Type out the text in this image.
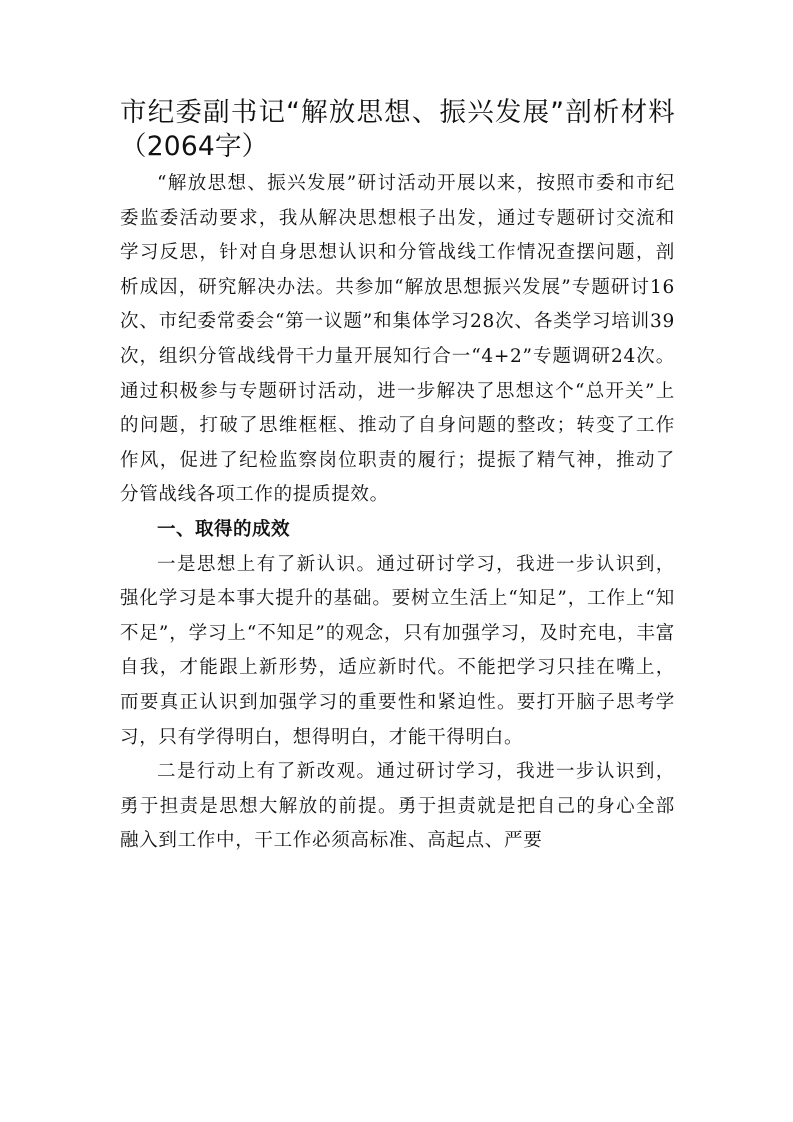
市纪委副书记“解放思想、振兴发展”剖析材料（2064字）

“解放思想、振兴发展”研讨活动开展以来，按照市委和市纪委监委活动要求，我从解决思想根子出发，通过专题研讨交流和学习反思，针对自身思想认识和分管战线工作情况查摆问题，剖析成因，研究解决办法。共参加“解放思想振兴发展”专题研讨16次、市纪委常委会“第一议题”和集体学习28次、各类学习培训39次，组织分管战线骨干力量开展知行合一“4+2”专题调研24次。通过积极参与专题研讨活动，进一步解决了思想这个“总开关”上的问题，打破了思维框框、推动了自身问题的整改；转变了工作作风，促进了纪检监察岗位职责的履行；提振了精气神，推动了分管战线各项工作的提质提效。

一、取得的成效

一是思想上有了新认识。通过研讨学习，我进一步认识到，强化学习是本事大提升的基础。要树立生活上“知足”，工作上“知不足”，学习上“不知足”的观念，只有加强学习，及时充电，丰富自我，才能跟上新形势，适应新时代。不能把学习只挂在嘴上，而要真正认识到加强学习的重要性和紧迫性。要打开脑子思考学习，只有学得明白，想得明白，才能干得明白。

二是行动上有了新改观。通过研讨学习，我进一步认识到，勇于担责是思想大解放的前提。勇于担责就是把自己的身心全部融入到工作中，干工作必须高标准、高起点、严要
